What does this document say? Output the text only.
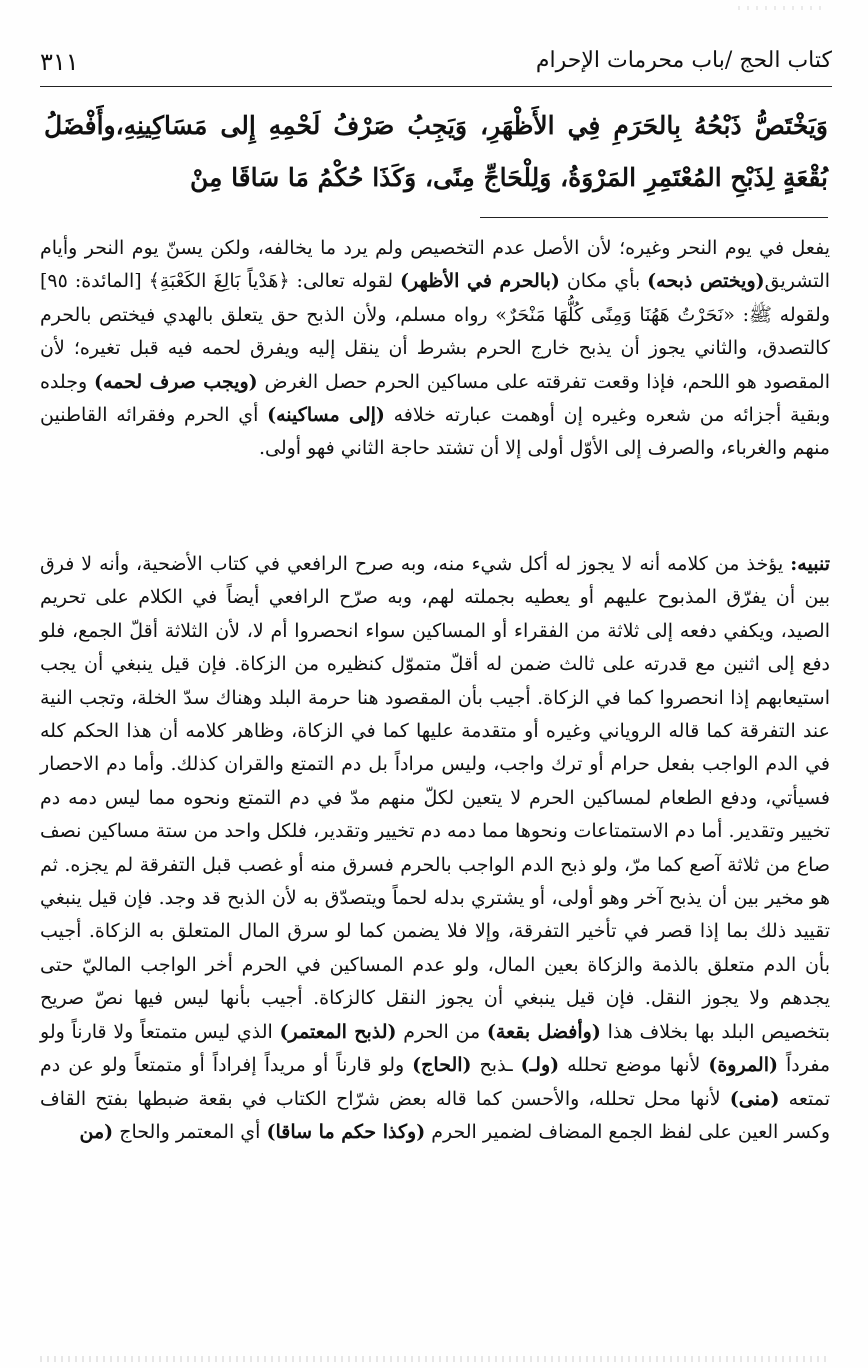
كتاب الحج /باب محرمات الإحرام
٣١١
وَيَخْتَصُّ ذَبْحُهُ بِالحَرَمِ فِي الأَظْهَرِ، وَيَجِبُ صَرْفُ لَحْمِهِ إِلى مَسَاكِينِهِ،وأَفْضَلُ بُقْعَةٍ لِذَبْحِ المُعْتَمِرِ المَرْوَةُ، وَلِلْحَاجِّ مِنًى، وَكَذَا حُكْمُ مَا سَاقَا مِنْ

يفعل في يوم النحر وغيره؛ لأن الأصل عدم التخصيص ولم يرد ما يخالفه، ولكن يسنّ يوم النحر وأيام التشريق(ويختص ذبحه) بأي مكان (بالحرم في الأظهر) لقوله تعالى: ﴿هَدْياً بَالِغَ الكَعْبَةِ﴾ [المائدة: ٩٥] ولقوله ﷺ: «نَحَرْتُ هَهُنَا وَمِنًى كُلُّهَا مَنْحَرٌ» رواه مسلم، ولأن الذبح حق يتعلق بالهدي فيختص بالحرم كالتصدق، والثاني يجوز أن يذبح خارج الحرم بشرط أن ينقل إليه ويفرق لحمه فيه قبل تغيره؛ لأن المقصود هو اللحم، فإذا وقعت تفرقته على مساكين الحرم حصل الغرض (ويجب صرف لحمه) وجلده وبقية أجزائه من شعره وغيره إن أوهمت عبارته خلافه (إلى مساكينه) أي الحرم وفقرائه القاطنين منهم والغرباء، والصرف إلى الأوّل أولى إلا أن تشتد حاجة الثاني فهو أولى.

تنبيه: يؤخذ من كلامه أنه لا يجوز له أكل شيء منه، وبه صرح الرافعي في كتاب الأضحية، وأنه لا فرق بين أن يفرّق المذبوح عليهم أو يعطيه بجملته لهم، وبه صرّح الرافعي أيضاً في الكلام على تحريم الصيد، ويكفي دفعه إلى ثلاثة من الفقراء أو المساكين سواء انحصروا أم لا، لأن الثلاثة أقلّ الجمع، فلو دفع إلى اثنين مع قدرته على ثالث ضمن له أقلّ متموّل كنظيره من الزكاة. فإن قيل ينبغي أن يجب استيعابهم إذا انحصروا كما في الزكاة. أجيب بأن المقصود هنا حرمة البلد وهناك سدّ الخلة، وتجب النية عند التفرقة كما قاله الروياني وغيره أو متقدمة عليها كما في الزكاة، وظاهر كلامه أن هذا الحكم كله في الدم الواجب بفعل حرام أو ترك واجب، وليس مراداً بل دم التمتع والقران كذلك. وأما دم الاحصار فسيأتي، ودفع الطعام لمساكين الحرم لا يتعين لكلّ منهم مدّ في دم التمتع ونحوه مما ليس دمه دم تخيير وتقدير. أما دم الاستمتاعات ونحوها مما دمه دم تخيير وتقدير، فلكل واحد من ستة مساكين نصف صاع من ثلاثة آصع كما مرّ، ولو ذبح الدم الواجب بالحرم فسرق منه أو غصب قبل التفرقة لم يجزه. ثم هو مخير بين أن يذبح آخر وهو أولى، أو يشتري بدله لحماً ويتصدّق به لأن الذبح قد وجد. فإن قيل ينبغي تقييد ذلك بما إذا قصر في تأخير التفرقة، وإلا فلا يضمن كما لو سرق المال المتعلق به الزكاة. أجيب بأن الدم متعلق بالذمة والزكاة بعين المال، ولو عدم المساكين في الحرم أخر الواجب الماليّ حتى يجدهم ولا يجوز النقل. فإن قيل ينبغي أن يجوز النقل كالزكاة. أجيب بأنها ليس فيها نصّ صريح بتخصيص البلد بها بخلاف هذا (وأفضل بقعة) من الحرم (لذبح المعتمر) الذي ليس متمتعاً ولا قارناً ولو مفرداً (المروة) لأنها موضع تحلله (ولـ) ـذبح (الحاج) ولو قارناً أو مريداً إفراداً أو متمتعاً ولو عن دم تمتعه (منى) لأنها محل تحلله، والأحسن كما قاله بعض شرّاح الكتاب في بقعة ضبطها بفتح القاف وكسر العين على لفظ الجمع المضاف لضمير الحرم (وكذا حكم ما ساقا) أي المعتمر والحاج (من
